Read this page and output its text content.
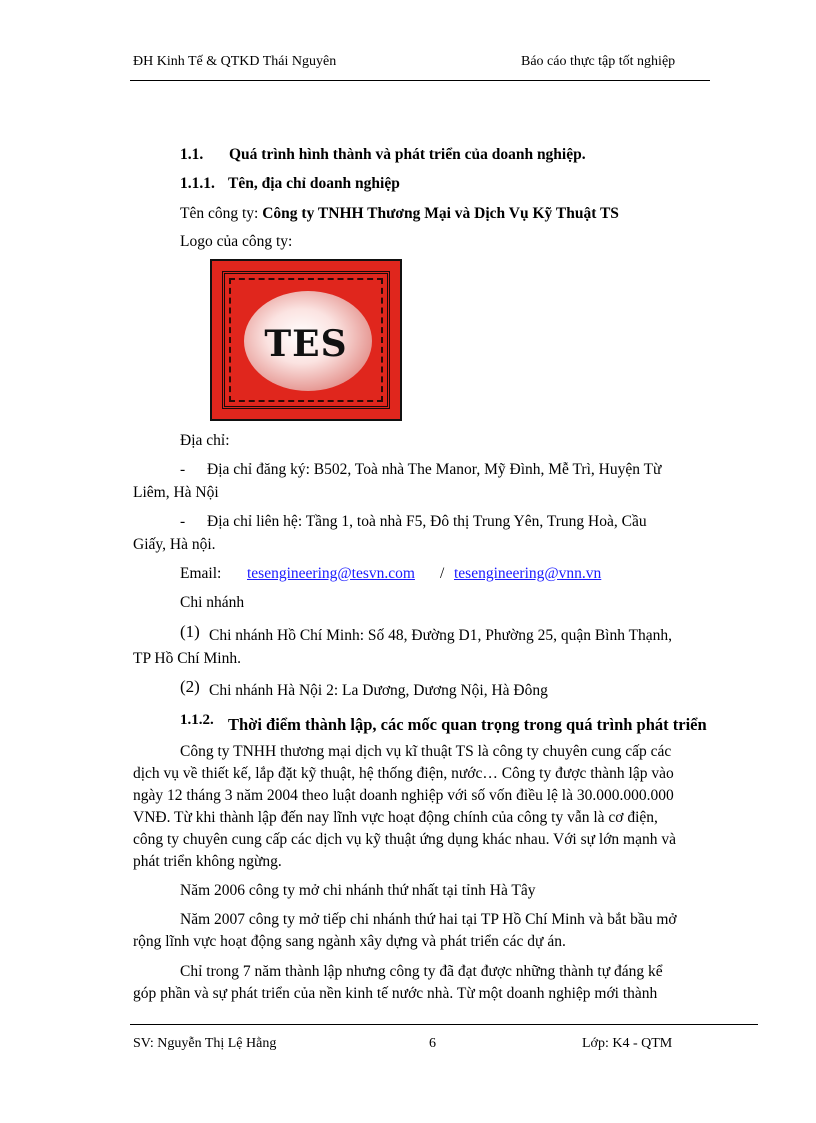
ĐH Kinh Tế & QTKD Thái Nguyên	Báo cáo thực tập tốt nghiệp
1.1. Quá trình hình thành và phát triển của doanh nghiệp.
1.1.1. Tên, địa chỉ doanh nghiệp
Tên công ty: Công ty TNHH Thương Mại và Dịch Vụ Kỹ Thuật TS
Logo của công ty:
TES
Địa chỉ:
- Địa chỉ đăng ký: B502, Toà nhà The Manor, Mỹ Đình, Mễ Trì, Huyện Từ
Liêm, Hà Nội
- Địa chỉ liên hệ: Tầng 1, toà nhà F5, Đô thị Trung Yên, Trung Hoà, Cầu
Giấy, Hà nội.
Email: tesengineering@tesvn.com / tesengineering@vnn.vn
Chi nhánh
(1) Chi nhánh Hồ Chí Minh: Số 48, Đường D1, Phường 25, quận Bình Thạnh,
TP Hồ Chí Minh.
(2) Chi nhánh Hà Nội 2: La Dương, Dương Nội, Hà Đông
1.1.2. Thời điểm thành lập, các mốc quan trọng trong quá trình phát triển
Công ty TNHH thương mại dịch vụ kĩ thuật TS là công ty chuyên cung cấp các
dịch vụ về thiết kế, lắp đặt kỹ thuật, hệ thống điện, nước… Công ty được thành lập vào
ngày 12 tháng 3 năm 2004 theo luật doanh nghiệp với số vốn điều lệ là 30.000.000.000
VNĐ. Từ khi thành lập đến nay lĩnh vực hoạt động chính của công ty vẫn là cơ điện,
công ty chuyên cung cấp các dịch vụ kỹ thuật ứng dụng khác nhau. Với sự lớn mạnh và
phát triển không ngừng.
Năm 2006 công ty mở chi nhánh thứ nhất tại tỉnh Hà Tây
Năm 2007 công ty mở tiếp chi nhánh thứ hai tại TP Hồ Chí Minh và bắt bầu mở
rộng lĩnh vực hoạt động sang ngành xây dựng và phát triển các dự án.
Chỉ trong 7 năm thành lập nhưng công ty đã đạt được những thành tự đáng kể
góp phần và sự phát triển của nền kinh tế nước nhà. Từ một doanh nghiệp mới thành
SV: Nguyễn Thị Lệ Hằng	6	Lớp: K4 - QTM
